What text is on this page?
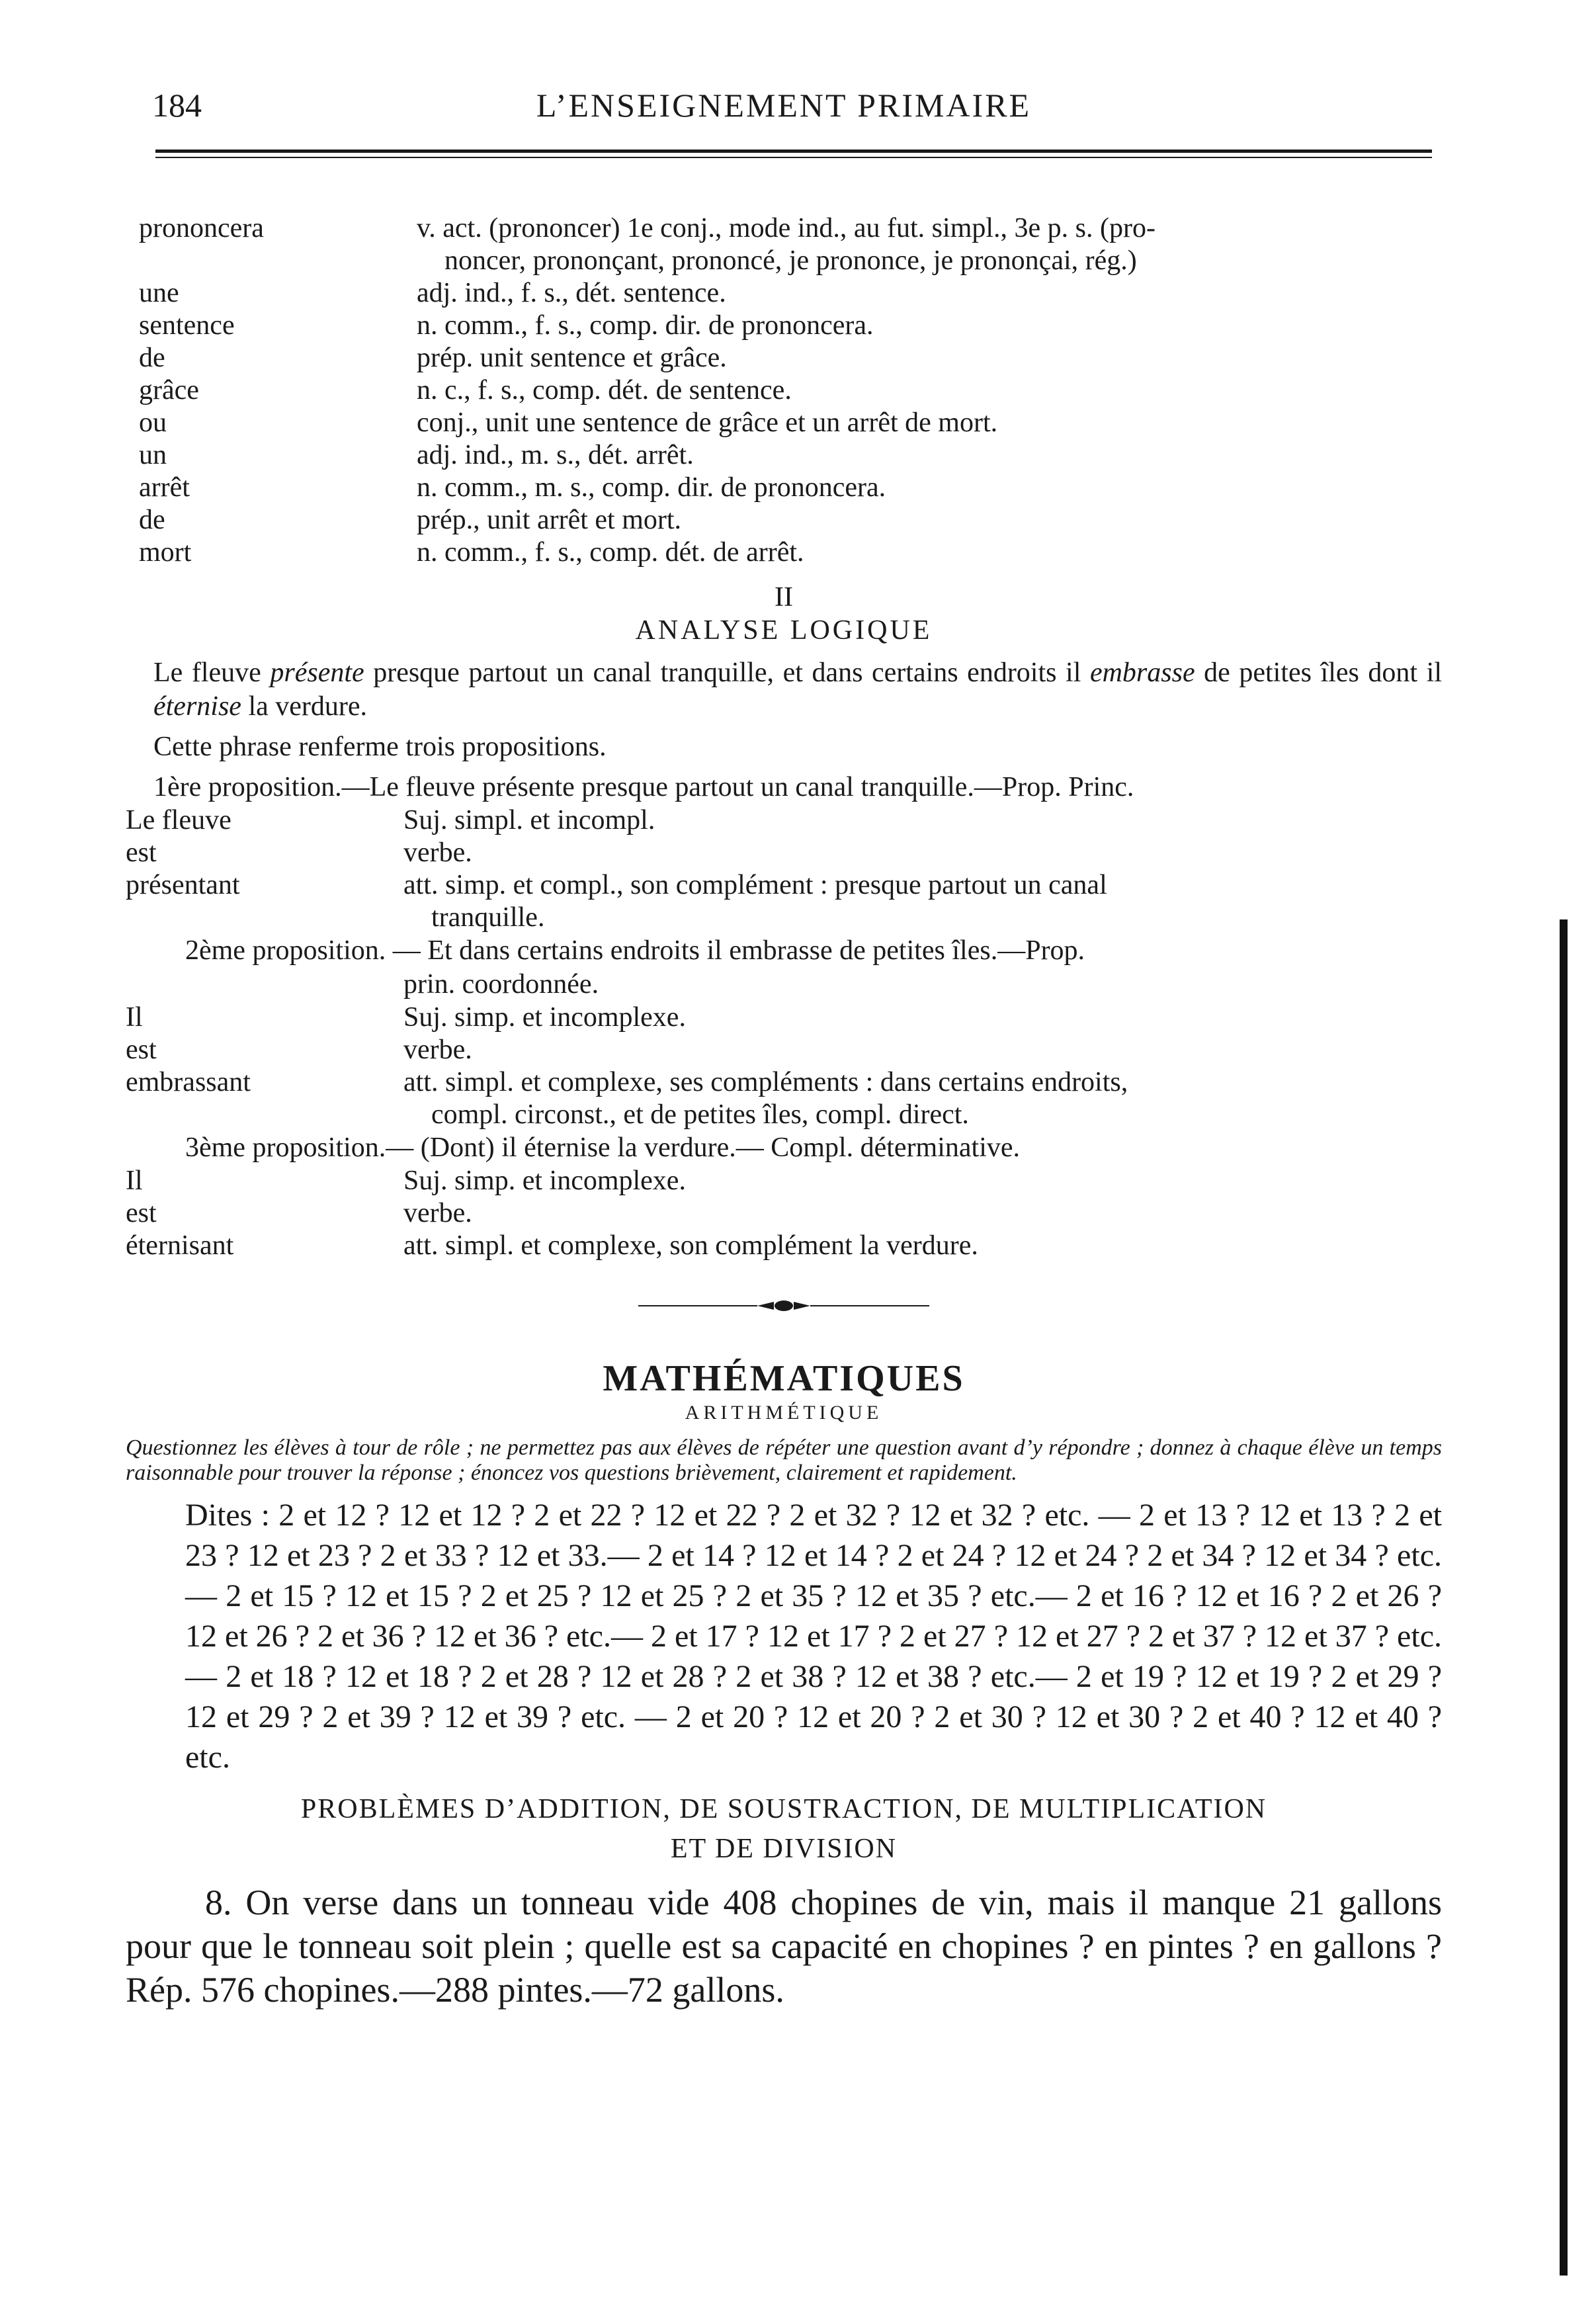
184	L’ENSEIGNEMENT PRIMAIRE
prononcera	v. act. (prononcer) 1e conj., mode ind., au fut. simpl., 3e p. s. (pro-
noncer, prononçant, prononcé, je prononce, je prononçai, rég.)
une	adj. ind., f. s., dét. sentence.
sentence	n. comm., f. s., comp. dir. de prononcera.
de	prép. unit sentence et grâce.
grâce	n. c., f. s., comp. dét. de sentence.
ou	conj., unit une sentence de grâce et un arrêt de mort.
un	adj. ind., m. s., dét. arrêt.
arrêt	n. comm., m. s., comp. dir. de prononcera.
de	prép., unit arrêt et mort.
mort	n. comm., f. s., comp. dét. de arrêt.
II
ANALYSE LOGIQUE
Le fleuve présente presque partout un canal tranquille, et dans certains endroits il embrasse de petites îles dont il éternise la verdure.
Cette phrase renferme trois propositions.
1ère proposition.—Le fleuve présente presque partout un canal tranquille.—Prop. Princ.
Le fleuve	Suj. simpl. et incompl.
est	verbe.
présentant	att. simp. et compl., son complément : presque partout un canal
tranquille.
2ème proposition. — Et dans certains endroits il embrasse de petites îles.—Prop.
prin. coordonnée.
Il	Suj. simp. et incomplexe.
est	verbe.
embrassant	att. simpl. et complexe, ses compléments : dans certains endroits,
compl. circonst., et de petites îles, compl. direct.
3ème proposition.— (Dont) il éternise la verdure.— Compl. déterminative.
Il	Suj. simp. et incomplexe.
est	verbe.
éternisant	att. simpl. et complexe, son complément la verdure.
MATHÉMATIQUES
ARITHMÉTIQUE
Questionnez les élèves à tour de rôle ; ne permettez pas aux élèves de répéter une question avant d’y répondre ; donnez à chaque élève un temps raisonnable pour trouver la réponse ; énoncez vos questions brièvement, clairement et rapidement.
Dites : 2 et 12 ? 12 et 12 ? 2 et 22 ? 12 et 22 ? 2 et 32 ? 12 et 32 ? etc. — 2 et 13 ? 12 et 13 ? 2 et 23 ? 12 et 23 ? 2 et 33 ? 12 et 33.— 2 et 14 ? 12 et 14 ? 2 et 24 ? 12 et 24 ? 2 et 34 ? 12 et 34 ? etc.— 2 et 15 ? 12 et 15 ? 2 et 25 ? 12 et 25 ? 2 et 35 ? 12 et 35 ? etc.— 2 et 16 ? 12 et 16 ? 2 et 26 ? 12 et 26 ? 2 et 36 ? 12 et 36 ? etc.— 2 et 17 ? 12 et 17 ? 2 et 27 ? 12 et 27 ? 2 et 37 ? 12 et 37 ? etc.— 2 et 18 ? 12 et 18 ? 2 et 28 ? 12 et 28 ? 2 et 38 ? 12 et 38 ? etc.— 2 et 19 ? 12 et 19 ? 2 et 29 ? 12 et 29 ? 2 et 39 ? 12 et 39 ? etc. — 2 et 20 ? 12 et 20 ? 2 et 30 ? 12 et 30 ? 2 et 40 ? 12 et 40 ? etc.
PROBLÈMES D’ADDITION, DE SOUSTRACTION, DE MULTIPLICATION
ET DE DIVISION
8. On verse dans un tonneau vide 408 chopines de vin, mais il manque 21 gallons pour que le tonneau soit plein ; quelle est sa capacité en chopines ? en pintes ? en gallons ? Rép. 576 chopines.—288 pintes.—72 gallons.
